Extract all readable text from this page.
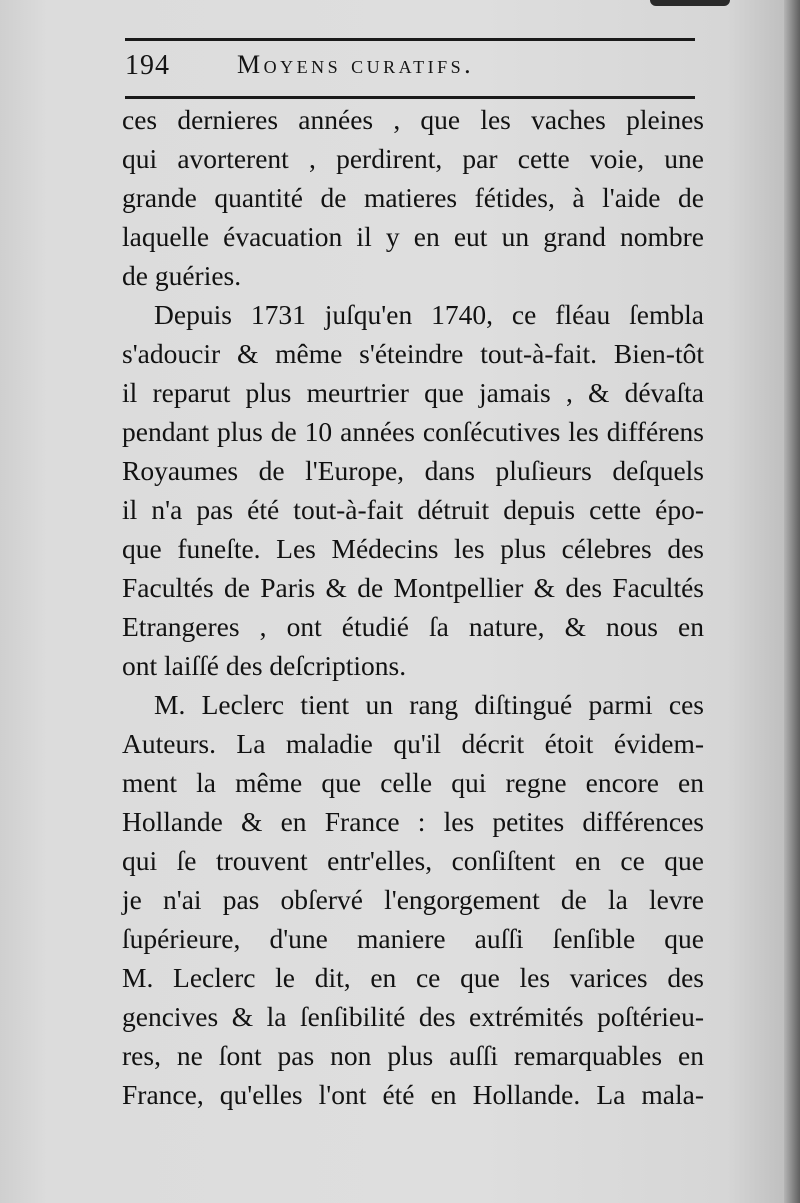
194	Moyens curatifs.
ces dernieres années , que les vaches pleines
qui avorterent , perdirent, par cette voie, une
grande quantité de matieres fétides, à l'aide de
laquelle évacuation il y en eut un grand nombre
de guéries.
Depuis 1731 juſqu'en 1740, ce fléau ſembla
s'adoucir & même s'éteindre tout-à-fait. Bien-tôt
il reparut plus meurtrier que jamais , & dévaſta
pendant plus de 10 années conſécutives les différens
Royaumes de l'Europe, dans pluſieurs deſquels
il n'a pas été tout-à-fait détruit depuis cette épo-
que funeſte. Les Médecins les plus célebres des
Facultés de Paris & de Montpellier & des Facultés
Etrangeres , ont étudié ſa nature, & nous en
ont laiſſé des deſcriptions.
M. Leclerc tient un rang diſtingué parmi ces
Auteurs. La maladie qu'il décrit étoit évidem-
ment la même que celle qui regne encore en
Hollande & en France : les petites différences
qui ſe trouvent entr'elles, conſiſtent en ce que
je n'ai pas obſervé l'engorgement de la levre
ſupérieure, d'une maniere auſſi ſenſible que
M. Leclerc le dit, en ce que les varices des
gencives & la ſenſibilité des extrémités poſtérieu-
res, ne ſont pas non plus auſſi remarquables en
France, qu'elles l'ont été en Hollande. La mala-
